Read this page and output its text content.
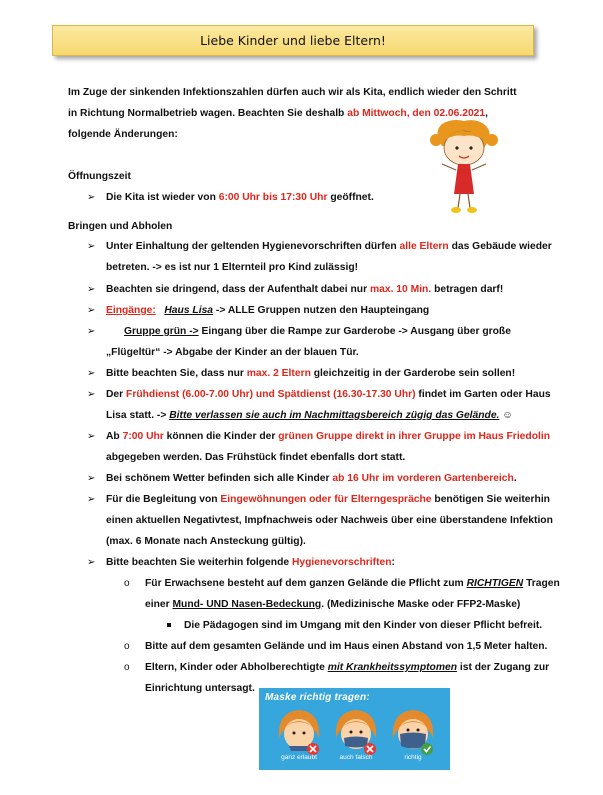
Liebe Kinder und liebe Eltern!
Im Zuge der sinkenden Infektionszahlen dürfen auch wir als Kita, endlich wieder den Schritt
in Richtung Normalbetrieb wagen. Beachten Sie deshalb ab Mittwoch, den 02.06.2021,
folgende Änderungen:
Öffnungszeit
➢ Die Kita ist wieder von 6:00 Uhr bis 17:30 Uhr geöffnet.
Bringen und Abholen
➢ Unter Einhaltung der geltenden Hygienevorschriften dürfen alle Eltern das Gebäude wieder
betreten. -> es ist nur 1 Elternteil pro Kind zulässig!
➢ Beachten sie dringend, dass der Aufenthalt dabei nur max. 10 Min. betragen darf!
➢ Eingänge: Haus Lisa -> ALLE Gruppen nutzen den Haupteingang
➢	Gruppe grün -> Eingang über die Rampe zur Garderobe -> Ausgang über große
„Flügeltür“ -> Abgabe der Kinder an der blauen Tür.
➢ Bitte beachten Sie, dass nur max. 2 Eltern gleichzeitig in der Garderobe sein sollen!
➢ Der Frühdienst (6.00-7.00 Uhr) und Spätdienst (16.30-17.30 Uhr) findet im Garten oder Haus
Lisa statt. -> Bitte verlassen sie auch im Nachmittagsbereich zügig das Gelände. ☺
➢ Ab 7:00 Uhr können die Kinder der grünen Gruppe direkt in ihrer Gruppe im Haus Friedolin
abgegeben werden. Das Frühstück findet ebenfalls dort statt.
➢ Bei schönem Wetter befinden sich alle Kinder ab 16 Uhr im vorderen Gartenbereich.
➢ Für die Begleitung von Eingewöhnungen oder für Elterngespräche benötigen Sie weiterhin
einen aktuellen Negativtest, Impfnachweis oder Nachweis über eine überstandene Infektion
(max. 6 Monate nach Ansteckung gültig).
➢ Bitte beachten Sie weiterhin folgende Hygienevorschriften:
o Für Erwachsene besteht auf dem ganzen Gelände die Pflicht zum RICHTIGEN Tragen
einer Mund- UND Nasen-Bedeckung. (Medizinische Maske oder FFP2-Maske)
Die Pädagogen sind im Umgang mit den Kinder von dieser Pflicht befreit.
o Bitte auf dem gesamten Gelände und im Haus einen Abstand von 1,5 Meter halten.
o Eltern, Kinder oder Abholberechtigte mit Krankheitssymptomen ist der Zugang zur
Einrichtung untersagt.
Maske richtig tragen:
ganz erlaubt	auch falsch	richtig
